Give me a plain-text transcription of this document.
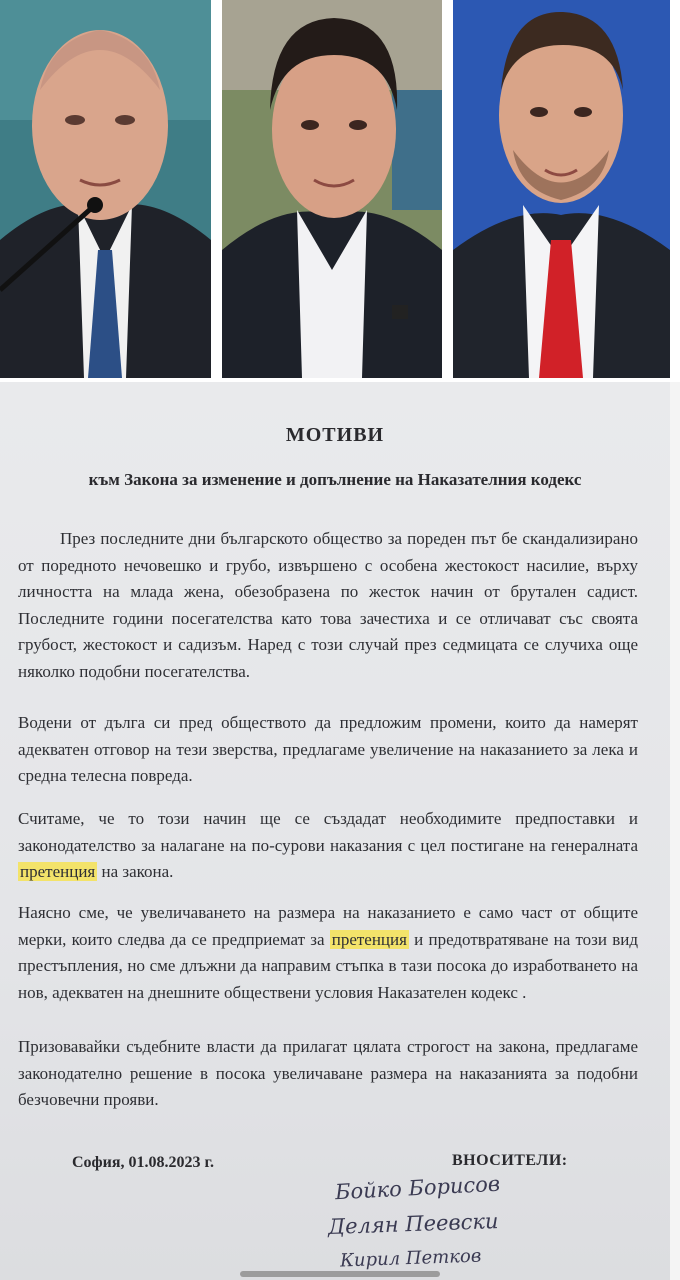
МОТИВИ
към Закона за изменение и допълнение на Наказателния кодекс

През последните дни българското общество за пореден път бе скандализирано от поредното нечовешко и грубо, извършено с особена жестокост насилие, върху личността на млада жена, обезобразена по жесток начин от брутален садист. Последните години посегателства като това зачестиха и се отличават със своята грубост, жестокост и садизъм. Наред с този случай през седмицата се случиха още няколко подобни посегателства.

Водени от дълга си пред обществото да предложим промени, които да намерят адекватен отговор на тези зверства, предлагаме увеличение на наказанието за лека и средна телесна повреда.

Считаме, че то този начин ще се създадат необходимите предпоставки и законодателство за налагане на по-сурови наказания с цел постигане на генералната претенция на закона.

Наясно сме, че увеличаването на размера на наказанието е само част от общите мерки, които следва да се предприемат за претенция и предотвратяване на този вид престъпления, но сме длъжни да направим стъпка в тази посока до изработването на нов, адекватен на днешните обществени условия Наказателен кодекс .

Призовавайки съдебните власти да прилагат цялата строгост на закона, предлагаме законодателно решение в посока увеличаване размера на наказанията за подобни безчовечни прояви.

София, 01.08.2023 г.	ВНОСИТЕЛИ:
Бойко Борисов
Делян Пеевски
Кирил Петков
